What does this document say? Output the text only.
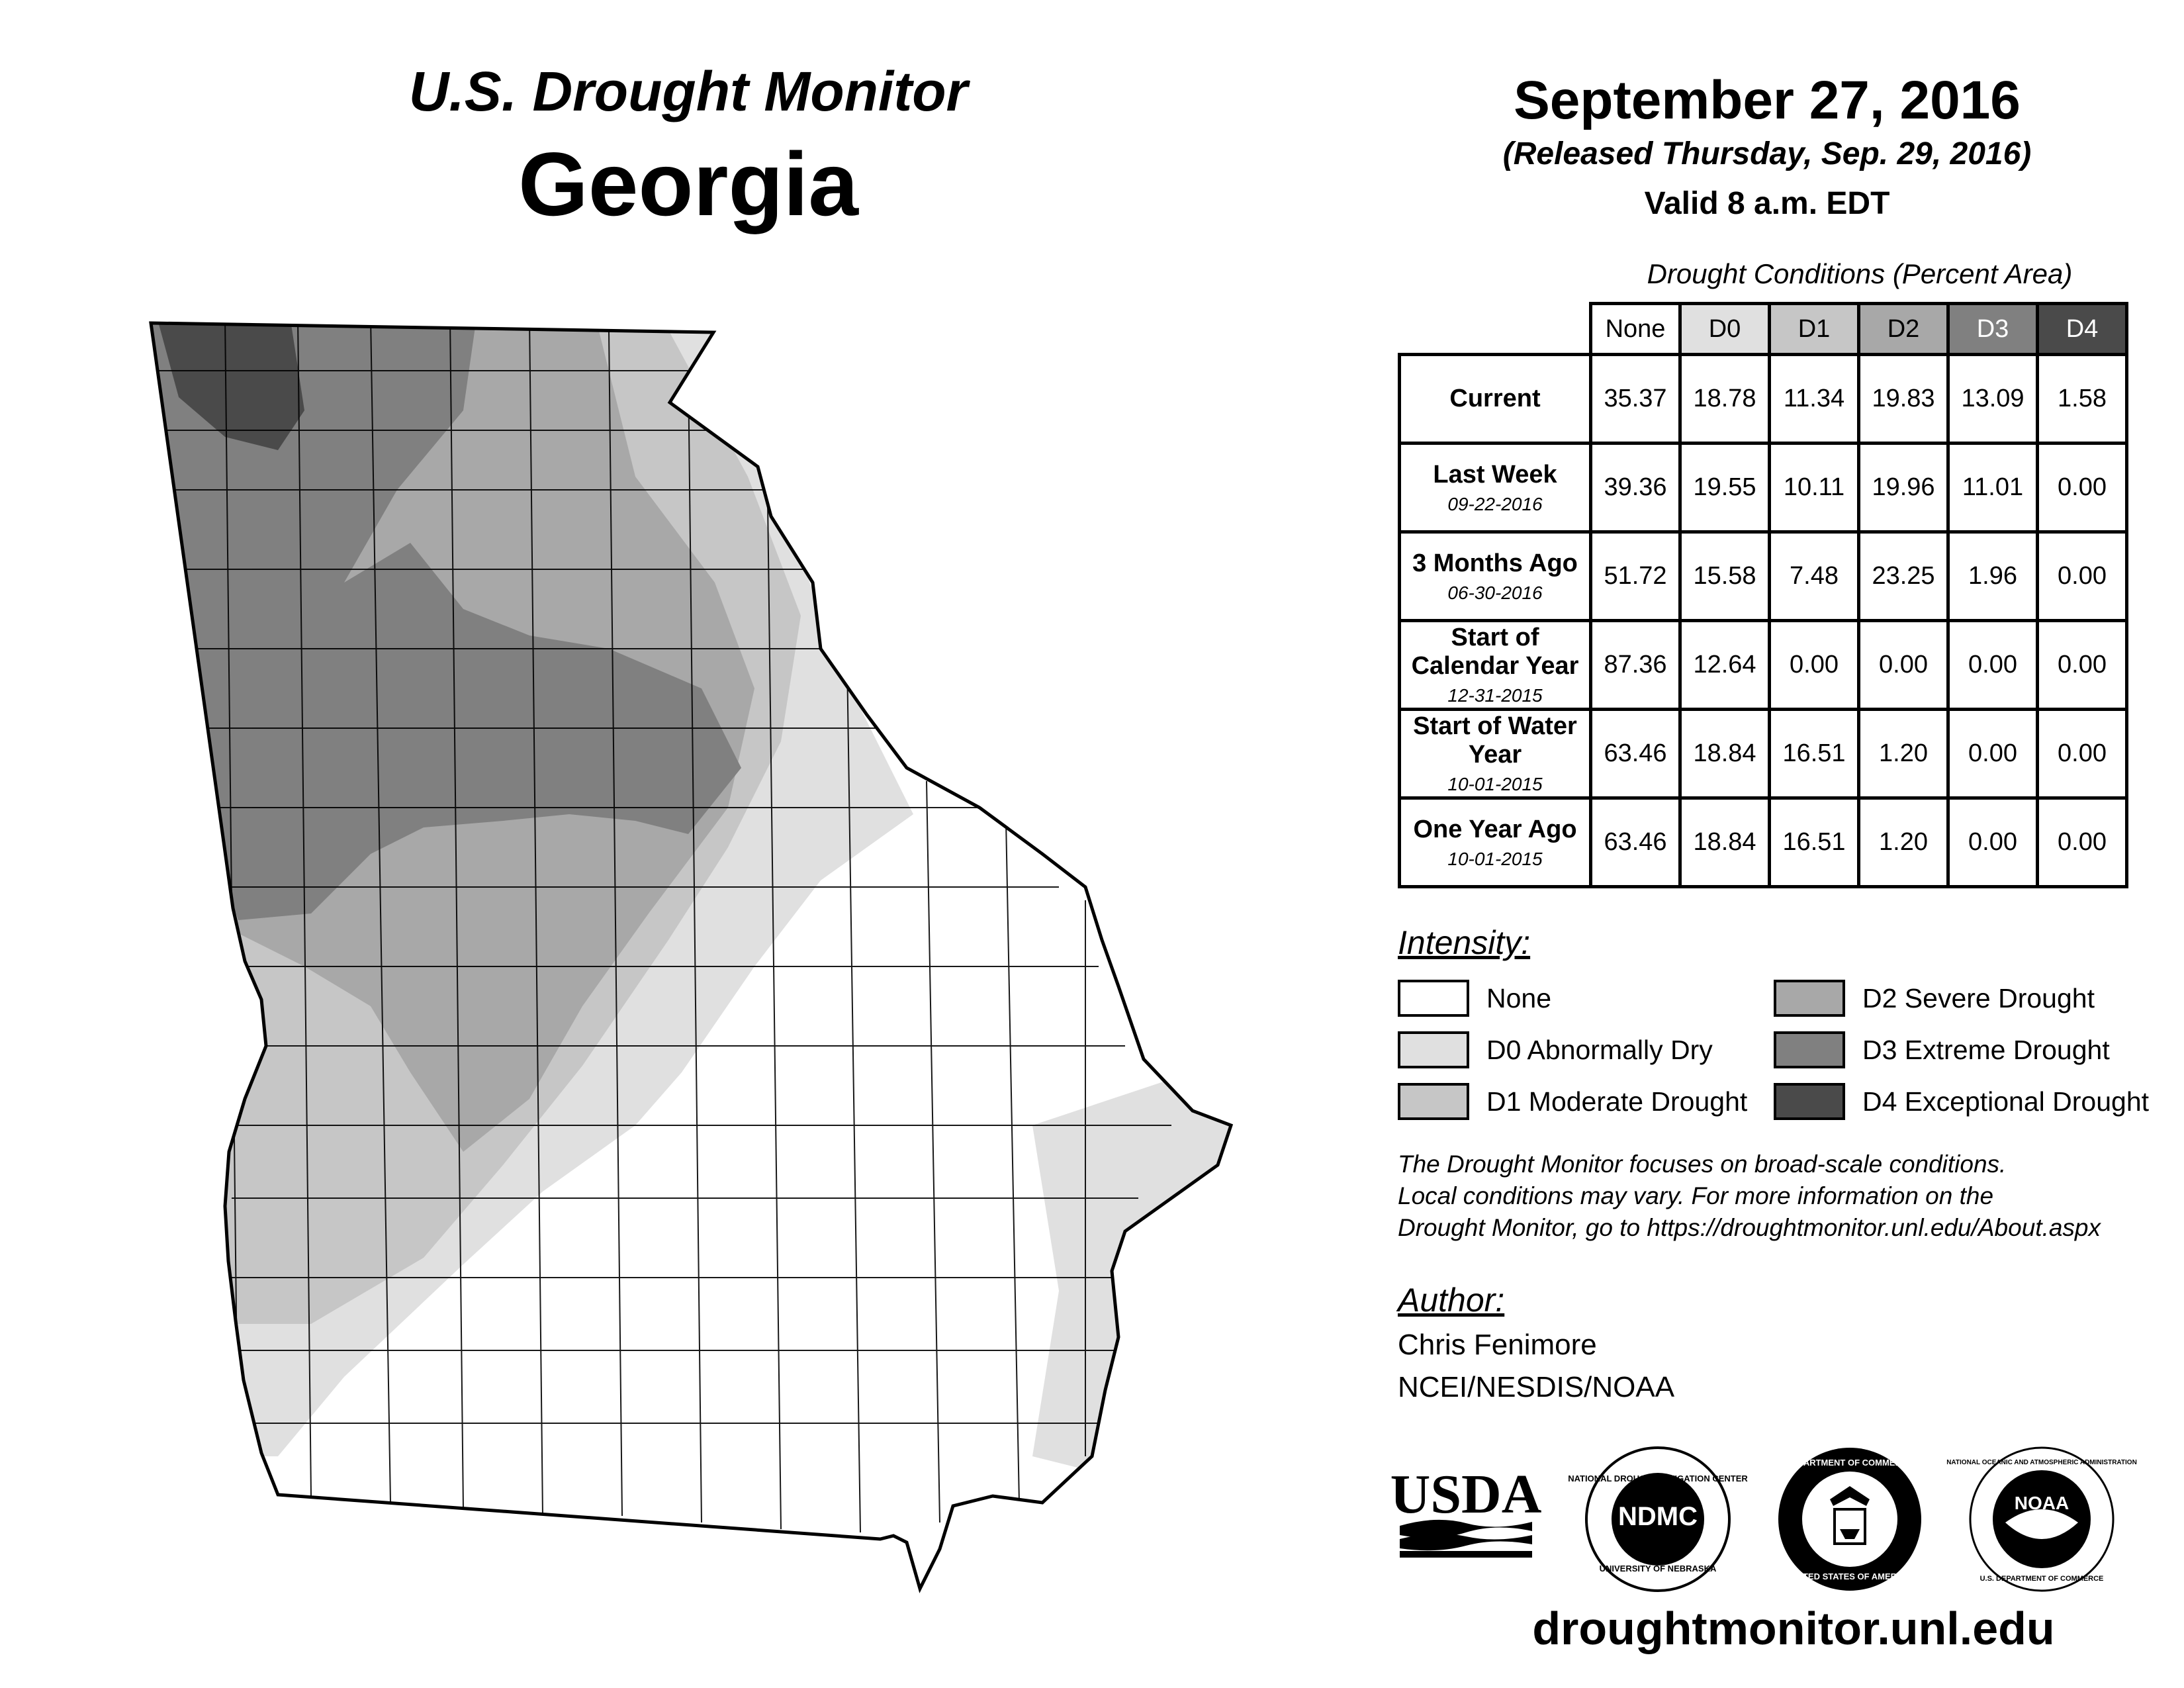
U.S. Drought Monitor
Georgia
September 27, 2016
(Released Thursday, Sep. 29, 2016)
Valid 8 a.m. EDT
Drought Conditions (Percent Area)
	None	D0	D1	D2	D3	D4
Current	35.37	18.78	11.34	19.83	13.09	1.58
Last Week
09-22-2016	39.36	19.55	10.11	19.96	11.01	0.00
3 Months Ago
06-30-2016	51.72	15.58	7.48	23.25	1.96	0.00
Start of Calendar Year
12-31-2015	87.36	12.64	0.00	0.00	0.00	0.00
Start of Water Year
10-01-2015	63.46	18.84	16.51	1.20	0.00	0.00
One Year Ago
10-01-2015	63.46	18.84	16.51	1.20	0.00	0.00
Intensity:
None
D0 Abnormally Dry
D1 Moderate Drought
D2 Severe Drought
D3 Extreme Drought
D4 Exceptional Drought
The Drought Monitor focuses on broad-scale conditions.
Local conditions may vary. For more information on the
Drought Monitor, go to https://droughtmonitor.unl.edu/About.aspx
Author:
Chris Fenimore
NCEI/NESDIS/NOAA
USDA	NATIONAL DROUGHT MITIGATION CENTER
NDMC
UNIVERSITY OF NEBRASKA
DEPARTMENT OF COMMERCE
UNITED STATES OF AMERICA
NOAA
NATIONAL OCEANIC AND ATMOSPHERIC ADMINISTRATION
U.S. DEPARTMENT OF COMMERCE
droughtmonitor.unl.edu
